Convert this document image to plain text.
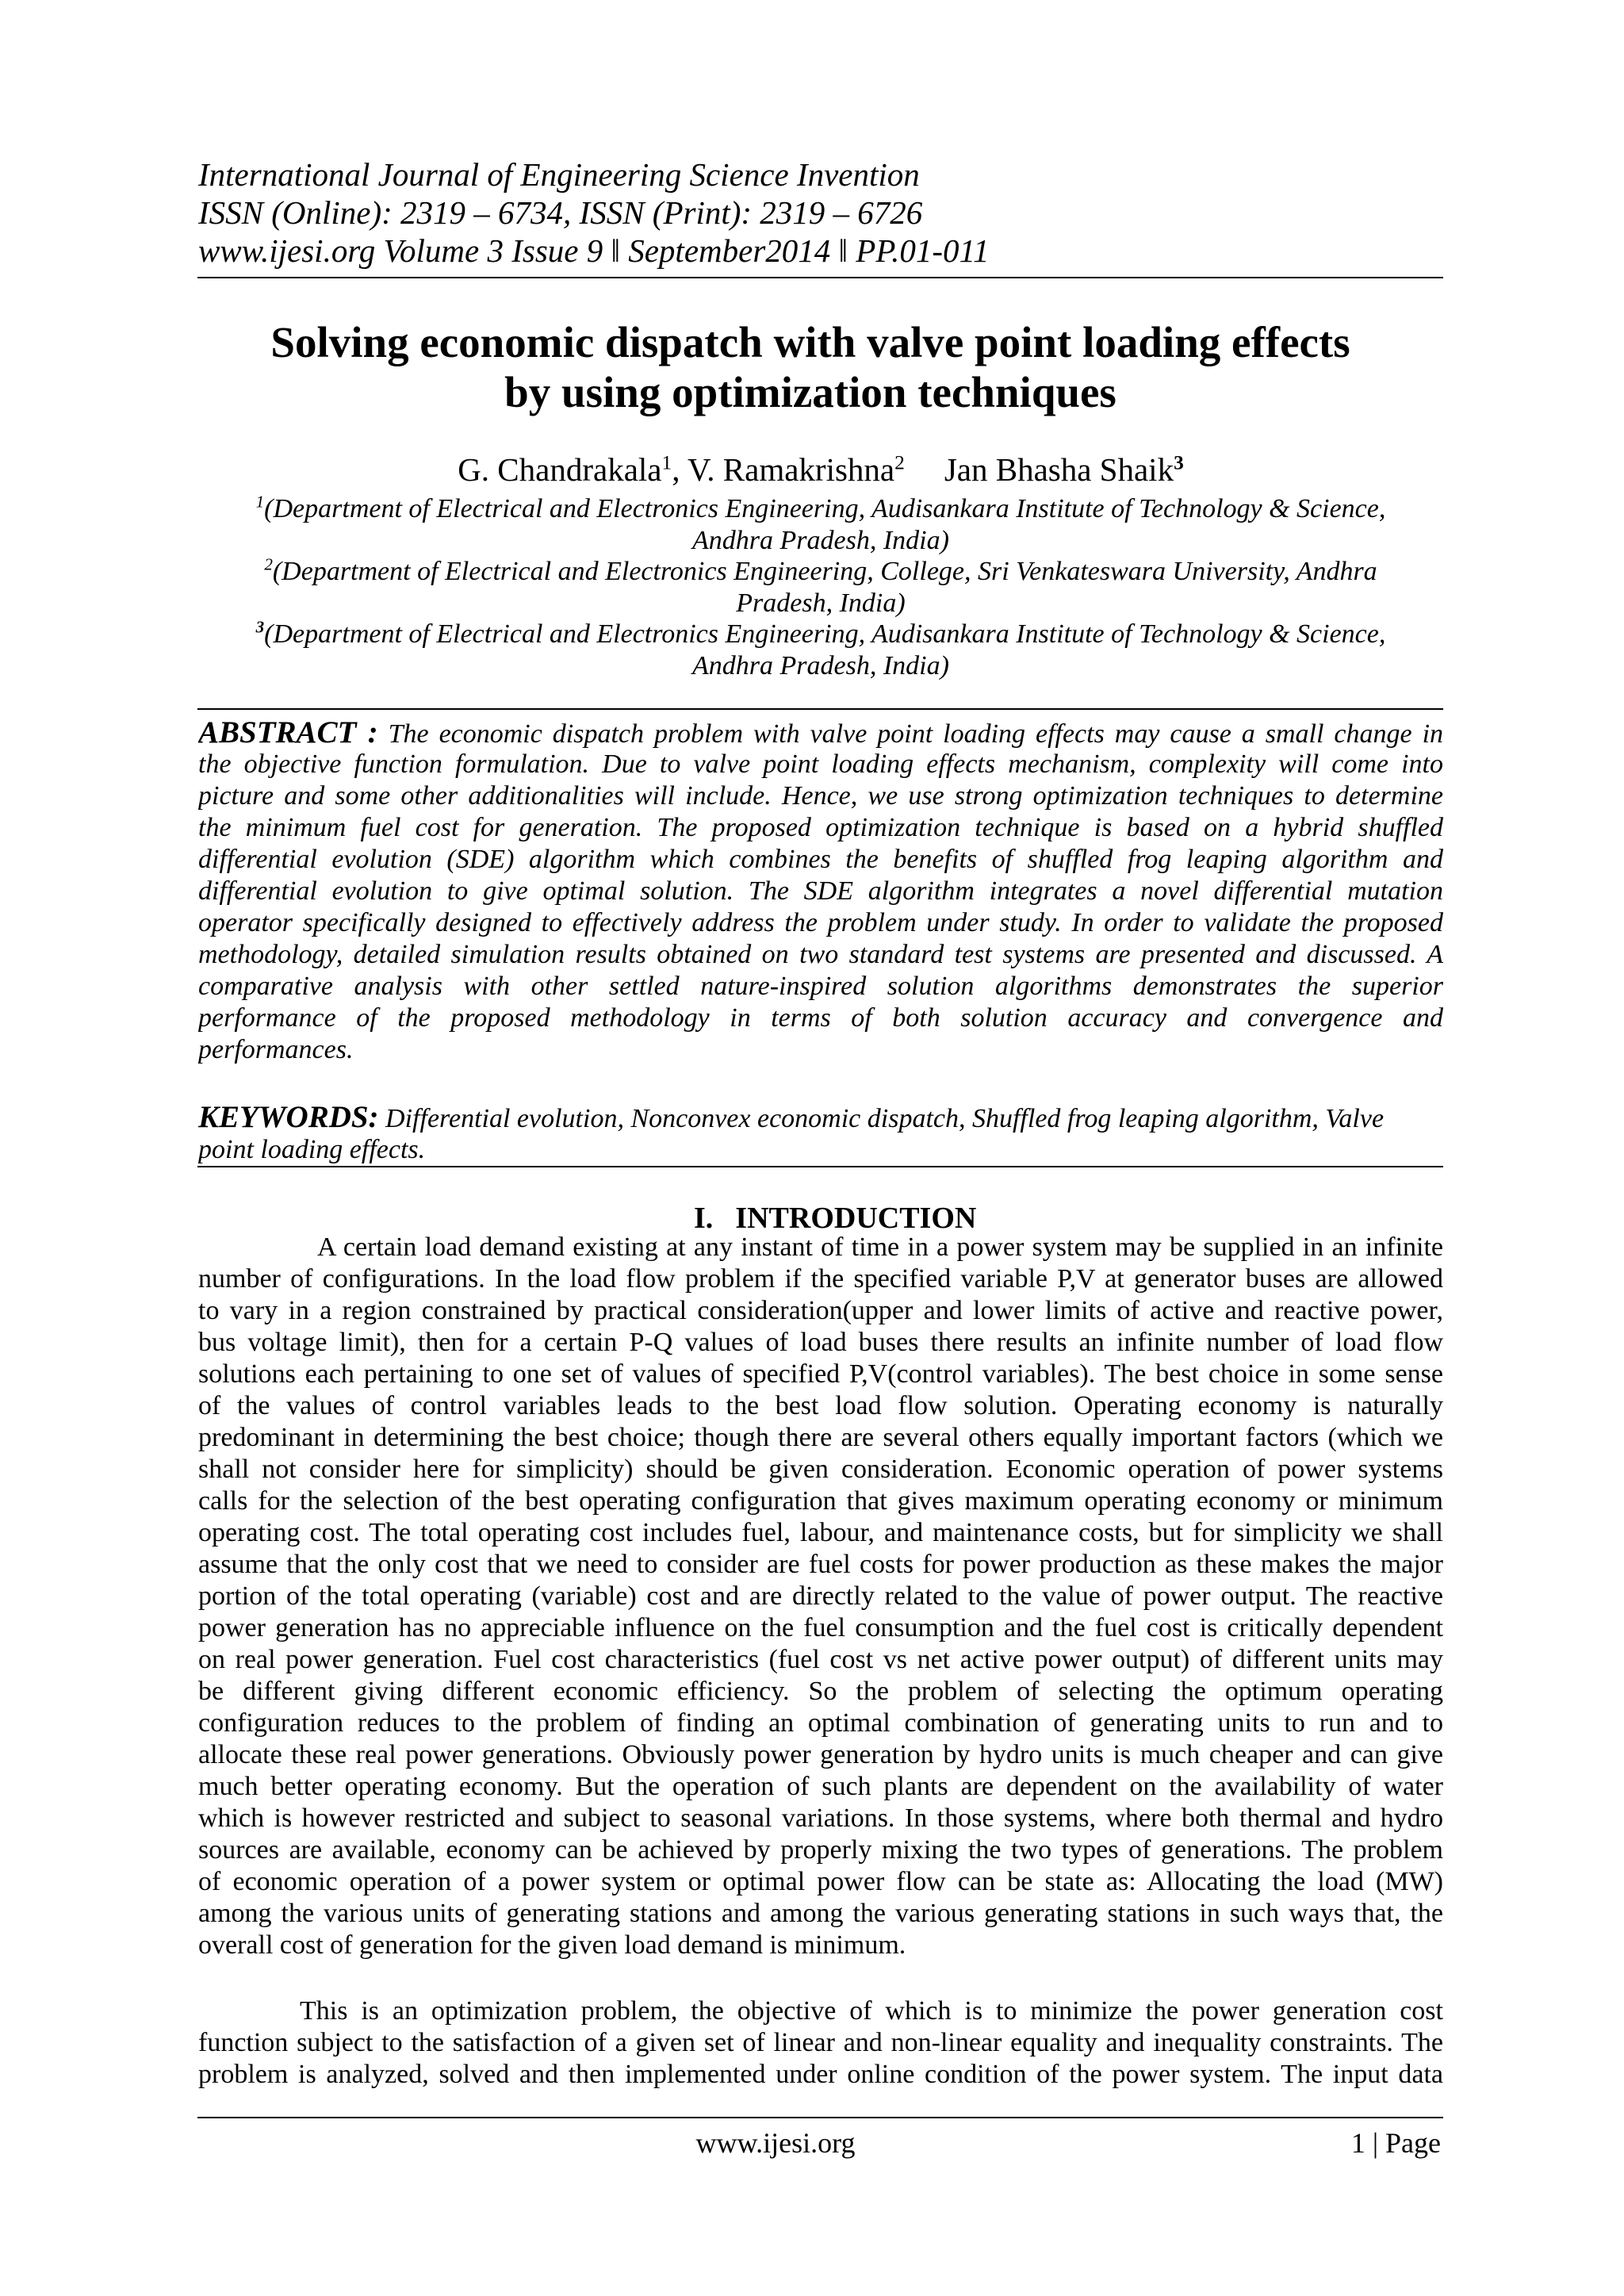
International Journal of Engineering Science Invention
ISSN (Online): 2319 – 6734, ISSN (Print): 2319 – 6726
www.ijesi.org Volume 3 Issue 9 ǁ September2014 ǁ PP.01-011
Solving economic dispatch with valve point loading effects
by using optimization techniques
G. Chandrakala$^1$, V. Ramakrishna$^2$ Jan Bhasha Shaik$^3$
$^1$(Department of Electrical and Electronics Engineering, Audisankara Institute of Technology & Science,
Andhra Pradesh, India)
$^2$(Department of Electrical and Electronics Engineering, College, Sri Venkateswara University, Andhra
Pradesh, India)
$^3$(Department of Electrical and Electronics Engineering, Audisankara Institute of Technology & Science,
Andhra Pradesh, India)
ABSTRACT : The economic dispatch problem with valve point loading effects may cause a small change in
the objective function formulation. Due to valve point loading effects mechanism, complexity will come into
picture and some other additionalities will include. Hence, we use strong optimization techniques to determine
the minimum fuel cost for generation. The proposed optimization technique is based on a hybrid shuffled
differential evolution (SDE) algorithm which combines the benefits of shuffled frog leaping algorithm and
differential evolution to give optimal solution. The SDE algorithm integrates a novel differential mutation
operator specifically designed to effectively address the problem under study. In order to validate the proposed
methodology, detailed simulation results obtained on two standard test systems are presented and discussed. A
comparative analysis with other settled nature-inspired solution algorithms demonstrates the superior
performance of the proposed methodology in terms of both solution accuracy and convergence and
performances.
KEYWORDS: Differential evolution, Nonconvex economic dispatch, Shuffled frog leaping algorithm, Valve
point loading effects.
I. INTRODUCTION
A certain load demand existing at any instant of time in a power system may be supplied in an infinite
number of configurations. In the load flow problem if the specified variable P,V at generator buses are allowed
to vary in a region constrained by practical consideration(upper and lower limits of active and reactive power,
bus voltage limit), then for a certain P-Q values of load buses there results an infinite number of load flow
solutions each pertaining to one set of values of specified P,V(control variables). The best choice in some sense
of the values of control variables leads to the best load flow solution. Operating economy is naturally
predominant in determining the best choice; though there are several others equally important factors (which we
shall not consider here for simplicity) should be given consideration. Economic operation of power systems
calls for the selection of the best operating configuration that gives maximum operating economy or minimum
operating cost. The total operating cost includes fuel, labour, and maintenance costs, but for simplicity we shall
assume that the only cost that we need to consider are fuel costs for power production as these makes the major
portion of the total operating (variable) cost and are directly related to the value of power output. The reactive
power generation has no appreciable influence on the fuel consumption and the fuel cost is critically dependent
on real power generation. Fuel cost characteristics (fuel cost vs net active power output) of different units may
be different giving different economic efficiency. So the problem of selecting the optimum operating
configuration reduces to the problem of finding an optimal combination of generating units to run and to
allocate these real power generations. Obviously power generation by hydro units is much cheaper and can give
much better operating economy. But the operation of such plants are dependent on the availability of water
which is however restricted and subject to seasonal variations. In those systems, where both thermal and hydro
sources are available, economy can be achieved by properly mixing the two types of generations. The problem
of economic operation of a power system or optimal power flow can be state as: Allocating the load (MW)
among the various units of generating stations and among the various generating stations in such ways that, the
overall cost of generation for the given load demand is minimum.
This is an optimization problem, the objective of which is to minimize the power generation cost
function subject to the satisfaction of a given set of linear and non-linear equality and inequality constraints. The
problem is analyzed, solved and then implemented under online condition of the power system. The input data
www.ijesi.org	1 | Page
